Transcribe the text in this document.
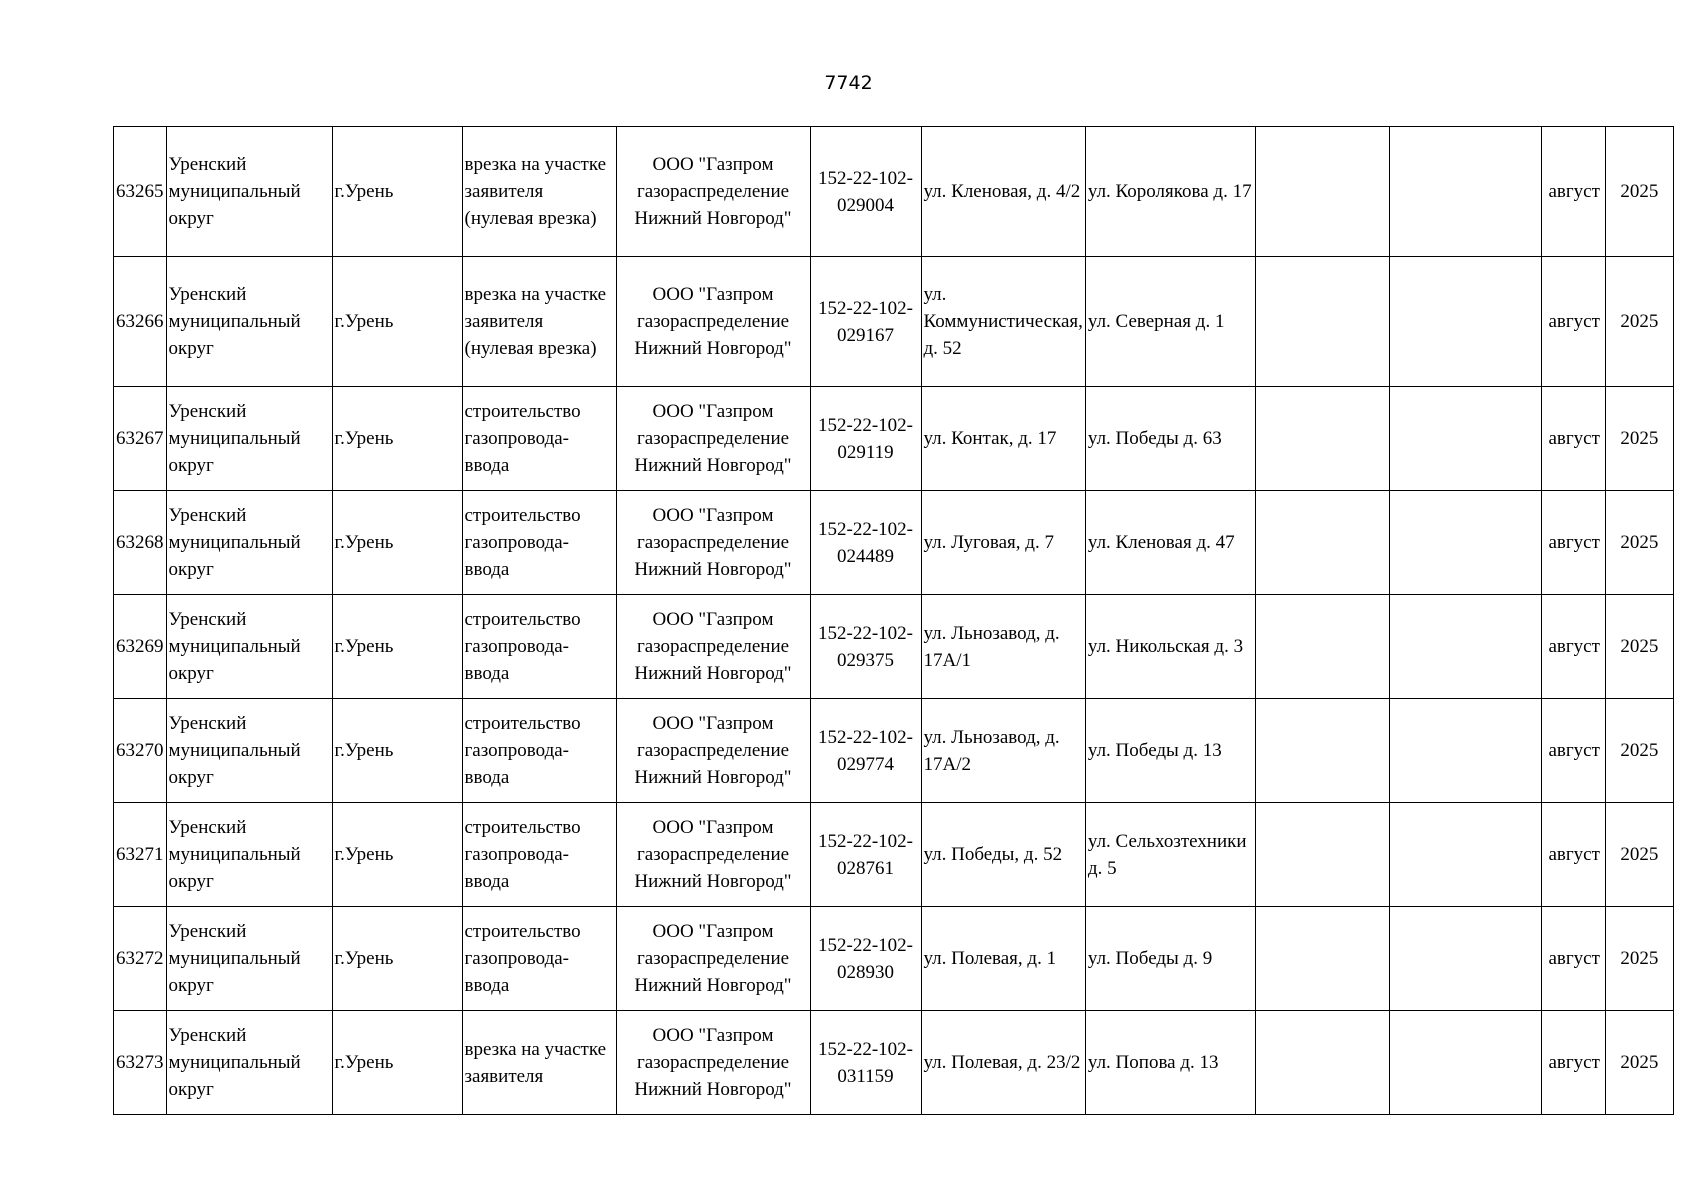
7742
63265	Уренский муниципальный округ	г.Урень	врезка на участке заявителя (нулевая врезка)	ООО "Газпром газораспределение Нижний Новгород"	152-22-102-029004	ул. Кленовая, д. 4/2	ул. Королякова д. 17			август	2025
63266	Уренский муниципальный округ	г.Урень	врезка на участке заявителя (нулевая врезка)	ООО "Газпром газораспределение Нижний Новгород"	152-22-102-029167	ул. Коммунистическая, д. 52	ул. Северная д. 1			август	2025
63267	Уренский муниципальный округ	г.Урень	строительство газопровода-ввода	ООО "Газпром газораспределение Нижний Новгород"	152-22-102-029119	ул. Контак, д. 17	ул. Победы д. 63			август	2025
63268	Уренский муниципальный округ	г.Урень	строительство газопровода-ввода	ООО "Газпром газораспределение Нижний Новгород"	152-22-102-024489	ул. Луговая, д. 7	ул. Кленовая д. 47			август	2025
63269	Уренский муниципальный округ	г.Урень	строительство газопровода-ввода	ООО "Газпром газораспределение Нижний Новгород"	152-22-102-029375	ул. Льнозавод, д. 17А/1	ул. Никольская д. 3			август	2025
63270	Уренский муниципальный округ	г.Урень	строительство газопровода-ввода	ООО "Газпром газораспределение Нижний Новгород"	152-22-102-029774	ул. Льнозавод, д. 17А/2	ул. Победы д. 13			август	2025
63271	Уренский муниципальный округ	г.Урень	строительство газопровода-ввода	ООО "Газпром газораспределение Нижний Новгород"	152-22-102-028761	ул. Победы, д. 52	ул. Сельхозтехники д. 5			август	2025
63272	Уренский муниципальный округ	г.Урень	строительство газопровода-ввода	ООО "Газпром газораспределение Нижний Новгород"	152-22-102-028930	ул. Полевая, д. 1	ул. Победы д. 9			август	2025
63273	Уренский муниципальный округ	г.Урень	врезка на участке заявителя	ООО "Газпром газораспределение Нижний Новгород"	152-22-102-031159	ул. Полевая, д. 23/2	ул. Попова д. 13			август	2025
